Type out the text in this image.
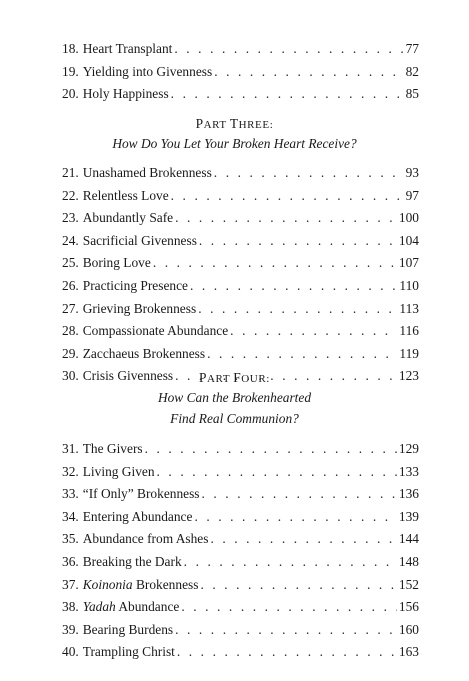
18. Heart Transplant . . .	77
19. Yielding into Givenness . . .	82
20. Holy Happiness . . .	85
PART THREE:
How Do You Let Your Broken Heart Receive?
21. Unashamed Brokenness . . .	93
22. Relentless Love . . .	97
23. Abundantly Safe . . .	100
24. Sacrificial Givenness . . .	104
25. Boring Love . . .	107
26. Practicing Presence . . .	110
27. Grieving Brokenness . . .	113
28. Compassionate Abundance . . .	116
29. Zacchaeus Brokenness . . .	119
30. Crisis Givenness . . .	123
PART FOUR:
How Can the Brokenhearted
Find Real Communion?
31. The Givers . . .	129
32. Living Given . . .	133
33. “If Only” Brokenness . . .	136
34. Entering Abundance . . .	139
35. Abundance from Ashes . . .	144
36. Breaking the Dark . . .	148
37. Koinonia Brokenness . . .	152
38. Yadah Abundance . . .	156
39. Bearing Burdens . . .	160
40. Trampling Christ . . .	163
